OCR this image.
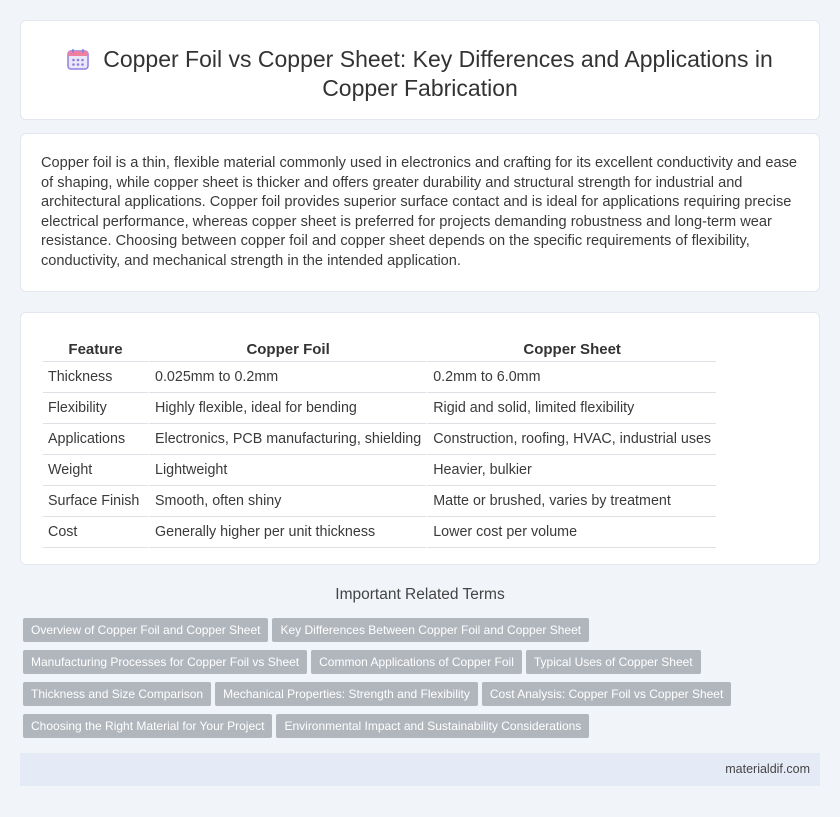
Copper Foil vs Copper Sheet: Key Differences and Applications in
Copper Fabrication

Copper foil is a thin, flexible material commonly used in electronics and crafting for its excellent conductivity and ease of shaping, while copper sheet is thicker and offers greater durability and structural strength for industrial and architectural applications. Copper foil provides superior surface contact and is ideal for applications requiring precise electrical performance, whereas copper sheet is preferred for projects demanding robustness and long-term wear resistance. Choosing between copper foil and copper sheet depends on the specific requirements of flexibility, conductivity, and mechanical strength in the intended application.

Feature	Copper Foil	Copper Sheet
Thickness	0.025mm to 0.2mm	0.2mm to 6.0mm
Flexibility	Highly flexible, ideal for bending	Rigid and solid, limited flexibility
Applications	Electronics, PCB manufacturing, shielding	Construction, roofing, HVAC, industrial uses
Weight	Lightweight	Heavier, bulkier
Surface Finish	Smooth, often shiny	Matte or brushed, varies by treatment
Cost	Generally higher per unit thickness	Lower cost per volume
Important Related Terms
Overview of Copper Foil and Copper Sheet Key Differences Between Copper Foil and Copper Sheet
Manufacturing Processes for Copper Foil vs Sheet Common Applications of Copper Foil Typical Uses of Copper Sheet
Thickness and Size Comparison Mechanical Properties: Strength and Flexibility Cost Analysis: Copper Foil vs Copper Sheet
Choosing the Right Material for Your Project Environmental Impact and Sustainability Considerations
materialdif.com
